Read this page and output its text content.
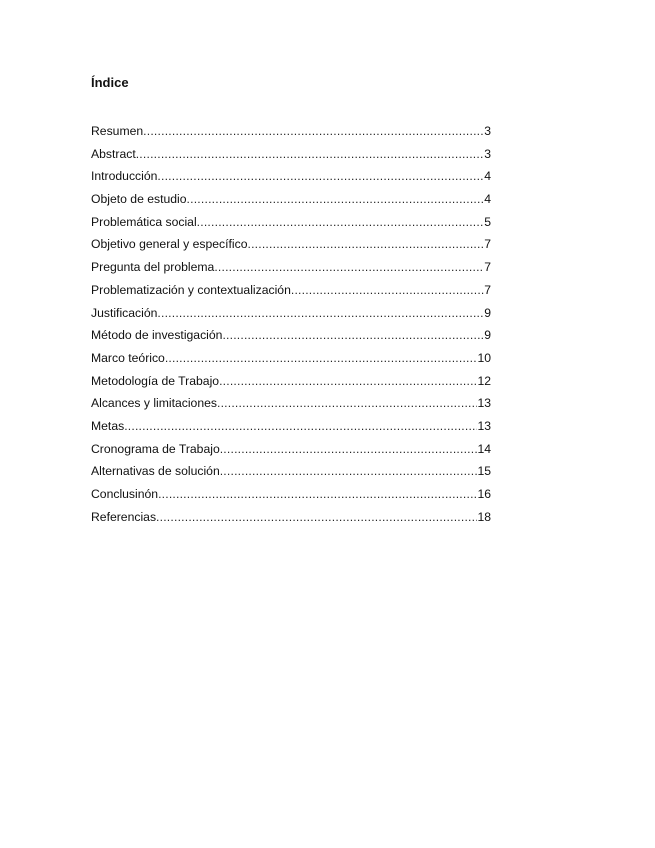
Índice
Resumen .....	3
Abstract .....	3
Introducción .....	4
Objeto de estudio .....	4
Problemática social .....	5
Objetivo general y específico .....	7
Pregunta del problema .....	7
Problematización y contextualización .....	7
Justificación .....	9
Método de investigación .....	9
Marco teórico .....	10
Metodología de Trabajo .....	12
Alcances y limitaciones .....	13
Metas .....	13
Cronograma de Trabajo .....	14
Alternativas de solución .....	15
Conclusinón .....	16
Referencias .....	18
